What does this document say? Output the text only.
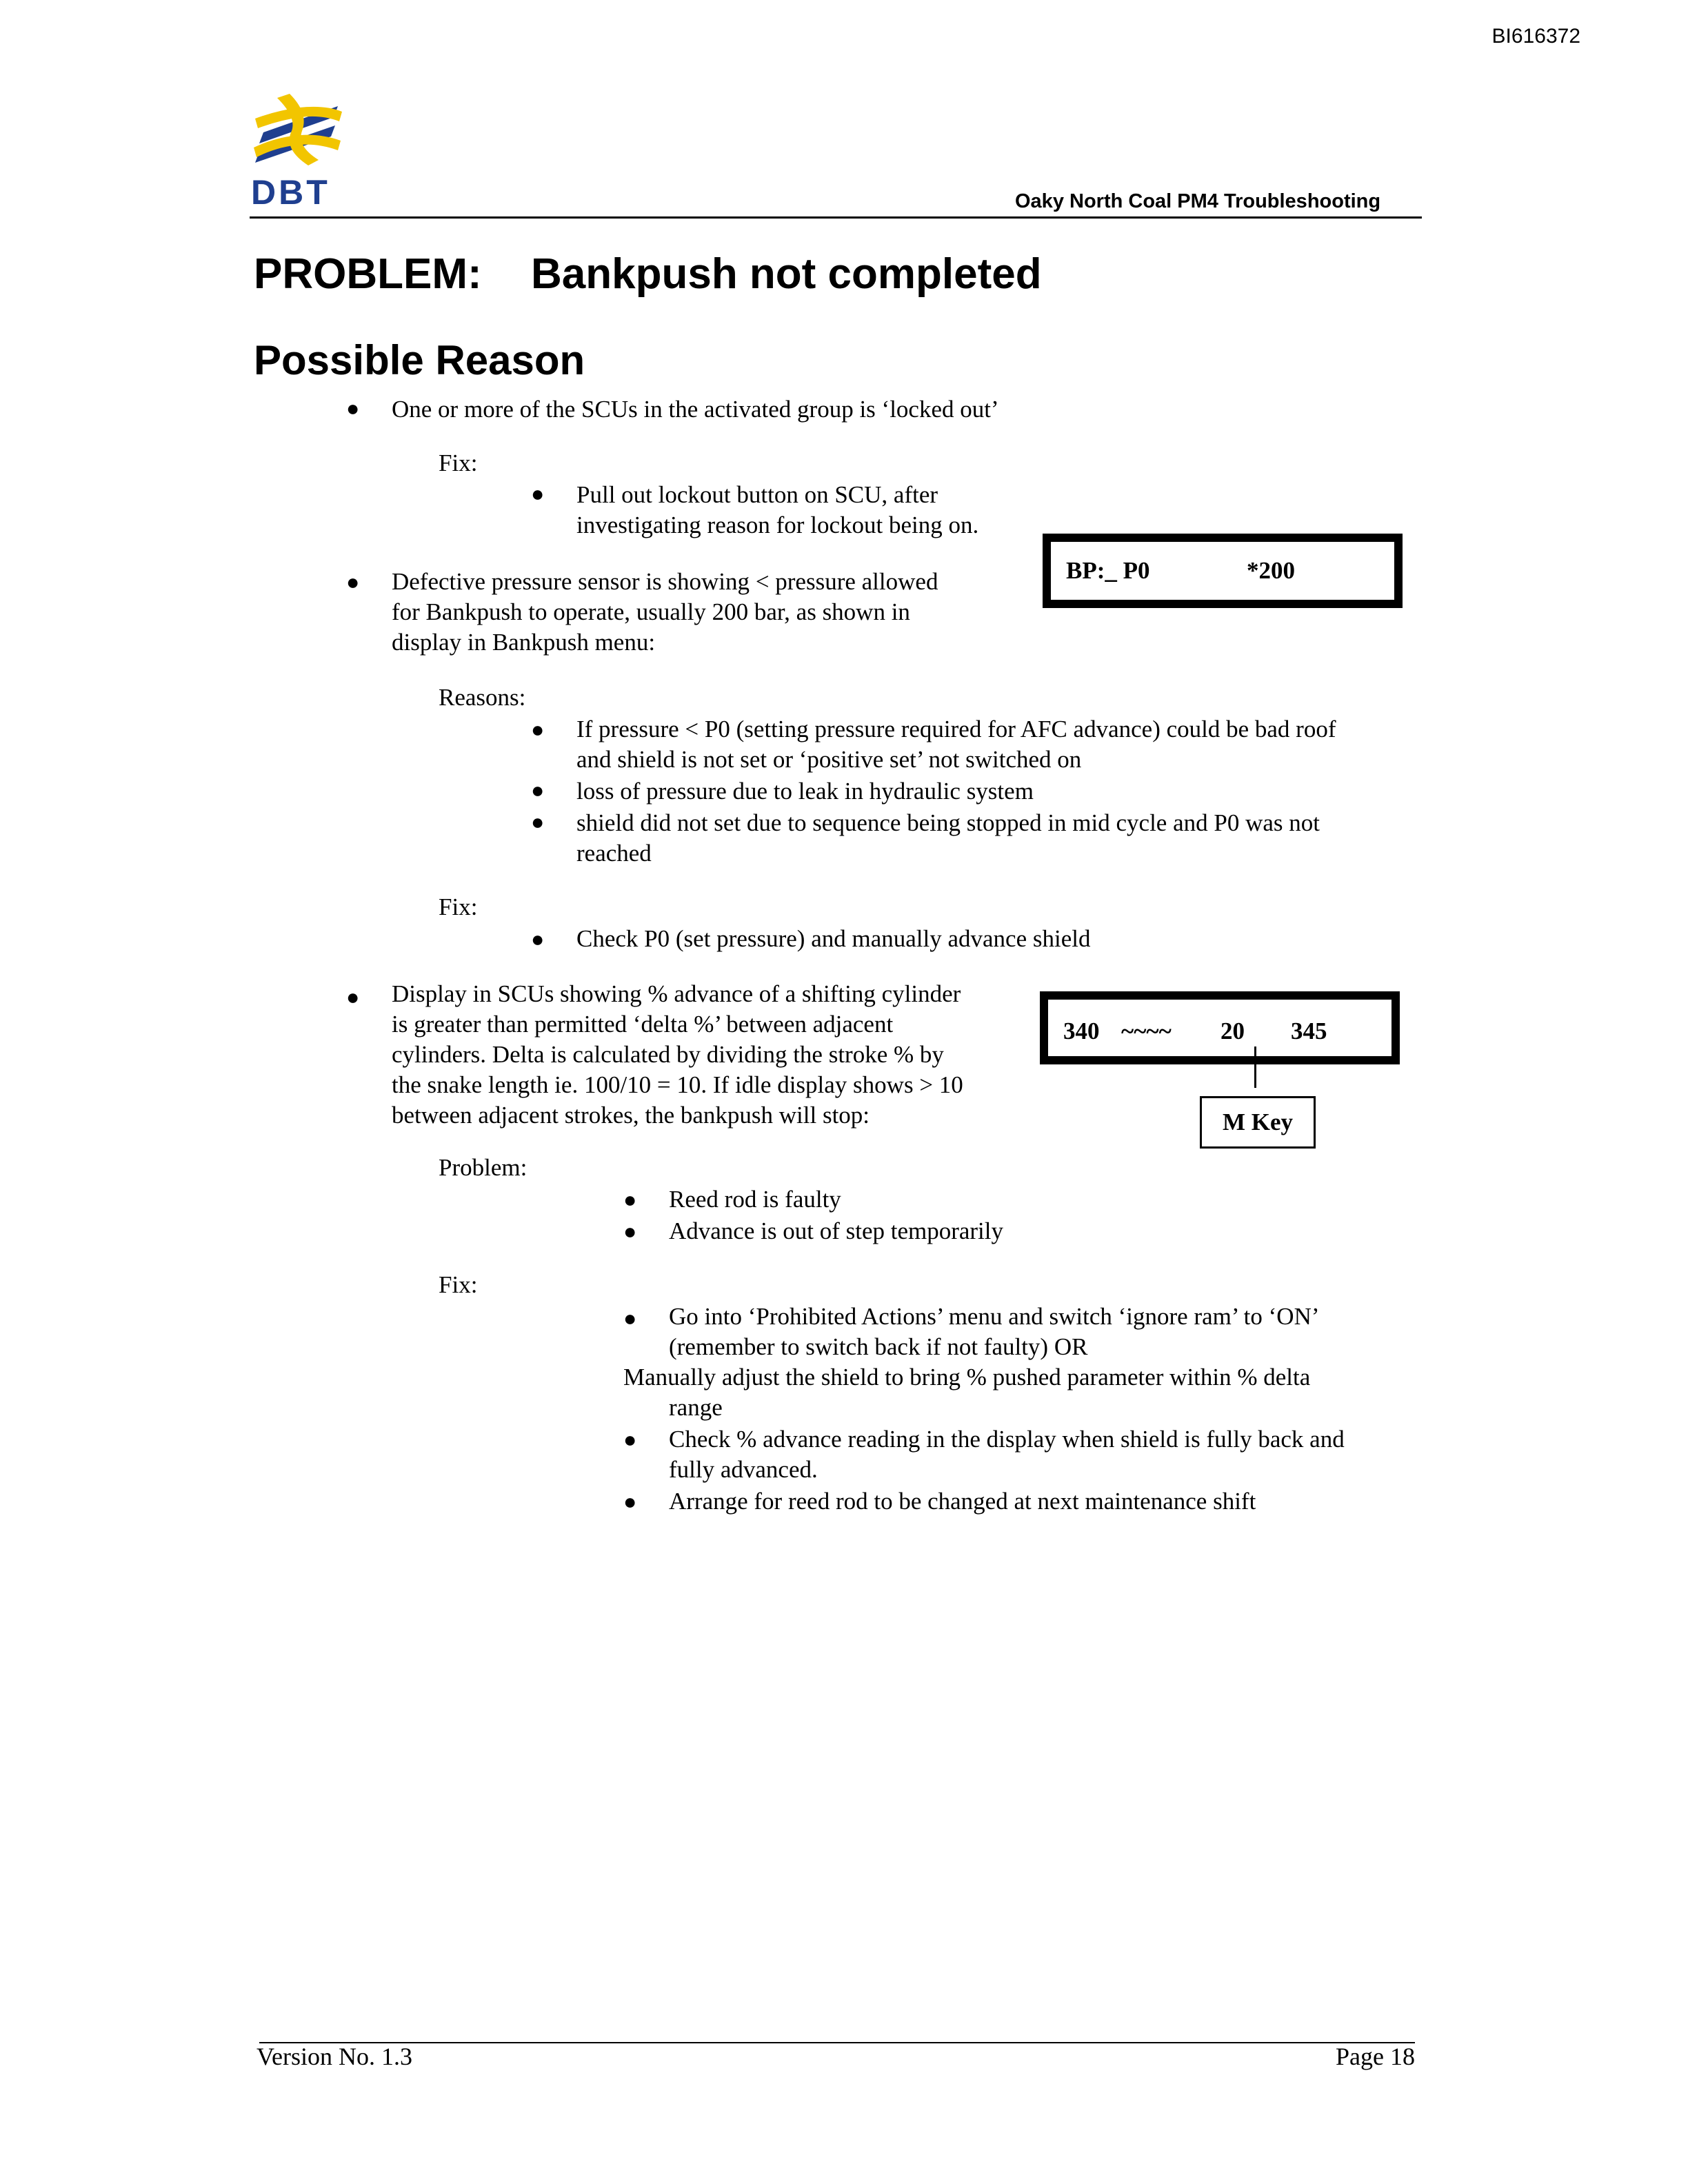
BI616372
DBT	Oaky North Coal PM4 Troubleshooting
PROBLEM: Bankpush not completed
Possible Reason
● One or more of the SCUs in the activated group is ‘locked out’
Fix:
● Pull out lockout button on SCU, after
investigating reason for lockout being on.
● Defective pressure sensor is showing < pressure allowed
for Bankpush to operate, usually 200 bar, as shown in
display in Bankpush menu:
BP:_ P0	*200
Reasons:
● If pressure < P0 (setting pressure required for AFC advance) could be bad roof
and shield is not set or ‘positive set’ not switched on
● loss of pressure due to leak in hydraulic system
● shield did not set due to sequence being stopped in mid cycle and P0 was not
reached
Fix:
● Check P0 (set pressure) and manually advance shield
● Display in SCUs showing % advance of a shifting cylinder
is greater than permitted ‘delta %’ between adjacent
cylinders. Delta is calculated by dividing the stroke % by
the snake length ie. 100/10 = 10. If idle display shows > 10
between adjacent strokes, the bankpush will stop:
340 ~~~~ 20 345
M Key
Problem:
● Reed rod is faulty
● Advance is out of step temporarily
Fix:
● Go into ‘Prohibited Actions’ menu and switch ‘ignore ram’ to ‘ON’
(remember to switch back if not faulty) OR
Manually adjust the shield to bring % pushed parameter within % delta
range
● Check % advance reading in the display when shield is fully back and
fully advanced.
● Arrange for reed rod to be changed at next maintenance shift
Version No. 1.3	Page 18
